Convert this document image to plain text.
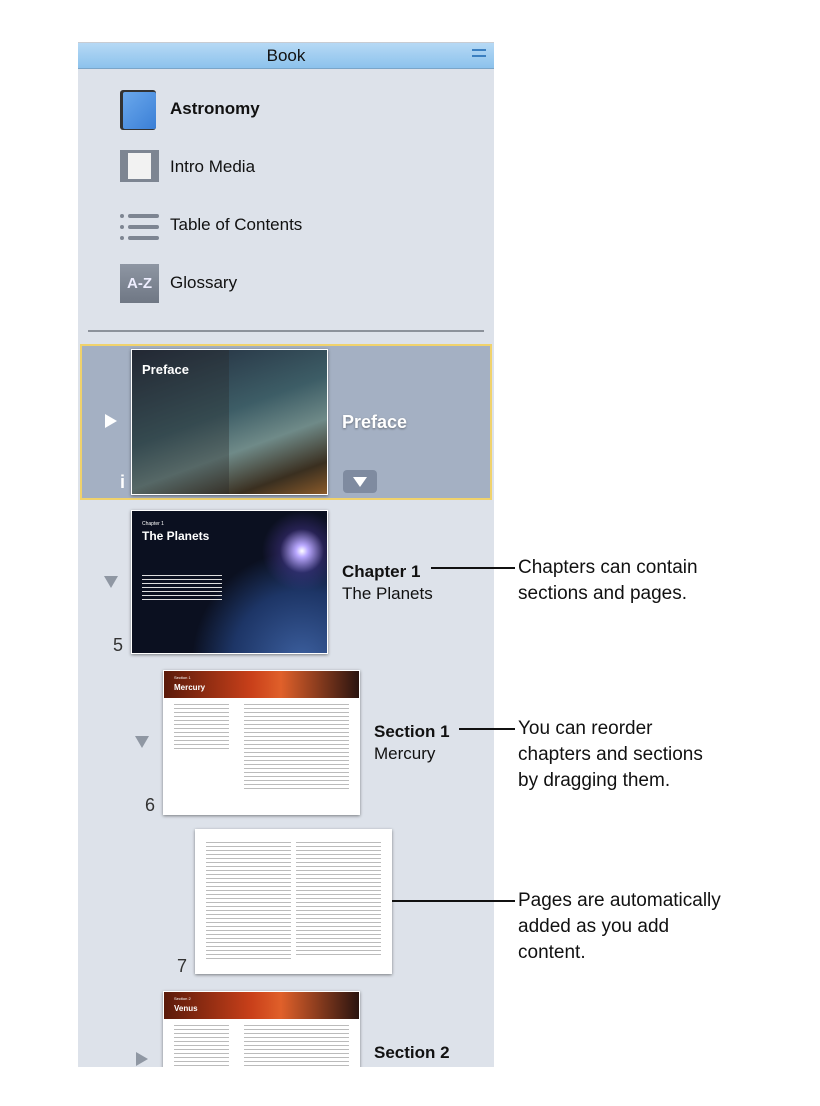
Book
Astronomy
Intro Media
Table of Contents
A-Z	Glossary
i
Preface
Preface
5
Chapter 1
The Planets
Chapter 1
The Planets
6
Section 1
Mercury
Section 1
Mercury
7
Section 2
Venus
Section 2
Chapters can contain
sections and pages.
You can reorder
chapters and sections
by dragging them.
Pages are automatically
added as you add
content.
